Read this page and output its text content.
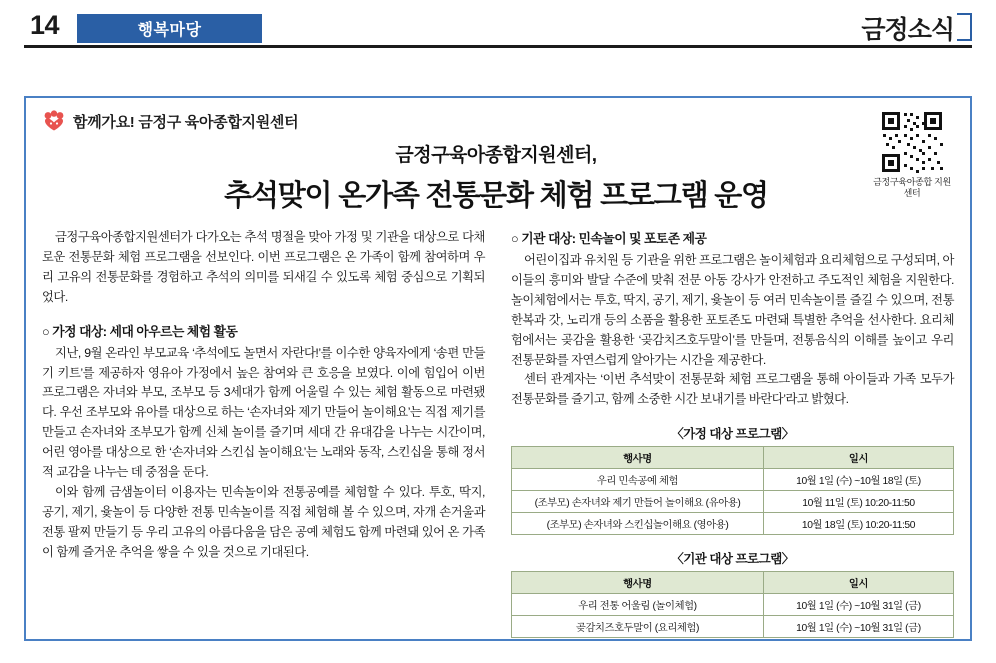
14	행복마당	금정소식
함께가요! 금정구 육아종합지원센터
금정구육아종합지원센터,
추석맞이 온가족 전통문화 체험 프로그램 운영	금정구육아종합 지원센터

금정구육아종합지원센터가 다가오는 추석 명절을 맞아 가정 및 기관을 대상으로 다채로운 전통문화 체험 프로그램을 선보인다. 이번 프로그램은 온 가족이 함께 참여하며 우리 고유의 전통문화를 경험하고 추석의 의미를 되새길 수 있도록 체험 중심으로 기획되었다.

○ 가정 대상: 세대 아우르는 체험 활동

지난, 9월 온라인 부모교육 ‘추석에도 놀면서 자란다!’를 이수한 양육자에게 ‘송편 만들기 키트’를 제공하자 영유아 가정에서 높은 참여와 큰 호응을 보였다. 이에 힘입어 이번 프로그램은 자녀와 부모, 조부모 등 3세대가 함께 어울릴 수 있는 체험 활동으로 마련됐다. 우선 조부모와 유아를 대상으로 하는 ‘손자녀와 제기 만들어 놀이해요’는 직접 제기를 만들고 손자녀와 조부모가 함께 신체 놀이를 즐기며 세대 간 유대감을 나누는 시간이며, 어린 영아를 대상으로 한 ‘손자녀와 스킨십 놀이해요’는 노래와 동작, 스킨십을 통해 정서적 교감을 나누는 데 중점을 둔다.

이와 함께 금샘놀이터 이용자는 민속놀이와 전통공예를 체험할 수 있다. 투호, 딱지, 공기, 제기, 윷놀이 등 다양한 전통 민속놀이를 직접 체험해 볼 수 있으며, 자개 손거울과 전통 팔찌 만들기 등 우리 고유의 아름다움을 담은 공예 체험도 함께 마련돼 있어 온 가족이 함께 즐거운 추억을 쌓을 수 있을 것으로 기대된다.

○ 기관 대상: 민속놀이 및 포토존 제공

어린이집과 유치원 등 기관을 위한 프로그램은 놀이체험과 요리체험으로 구성되며, 아이들의 흥미와 발달 수준에 맞춰 전문 아동 강사가 안전하고 주도적인 체험을 지원한다. 놀이체험에서는 투호, 딱지, 공기, 제기, 윷놀이 등 여러 민속놀이를 즐길 수 있으며, 전통 한복과 갓, 노리개 등의 소품을 활용한 포토존도 마련돼 특별한 추억을 선사한다. 요리체험에서는 곶감을 활용한 ‘곶감치즈호두말이’를 만들며, 전통음식의 이해를 높이고 우리 전통문화를 자연스럽게 알아가는 시간을 제공한다.

센터 관계자는 ‘이번 추석맞이 전통문화 체험 프로그램을 통해 아이들과 가족 모두가 전통문화를 즐기고, 함께 소중한 시간 보내기를 바란다’라고 밝혔다.

〈가정 대상 프로그램〉
행사명	일시
우리 민속공예 체험	10월 1일 (수) ~10월 18일 (토)
(조부모) 손자녀와 제기 만들어 놀이해요 (유아용)	10월 11일 (토) 10:20-11:50
(조부모) 손자녀와 스킨십놀이해요 (영아용)	10월 18일 (토) 10:20-11:50
〈기관 대상 프로그램〉
행사명	일시
우리 전통 어울림 (놀이체험)	10월 1일 (수) ~10월 31일 (금)
곶감치즈호두말이 (요리체험)	10월 1일 (수) ~10월 31일 (금)
